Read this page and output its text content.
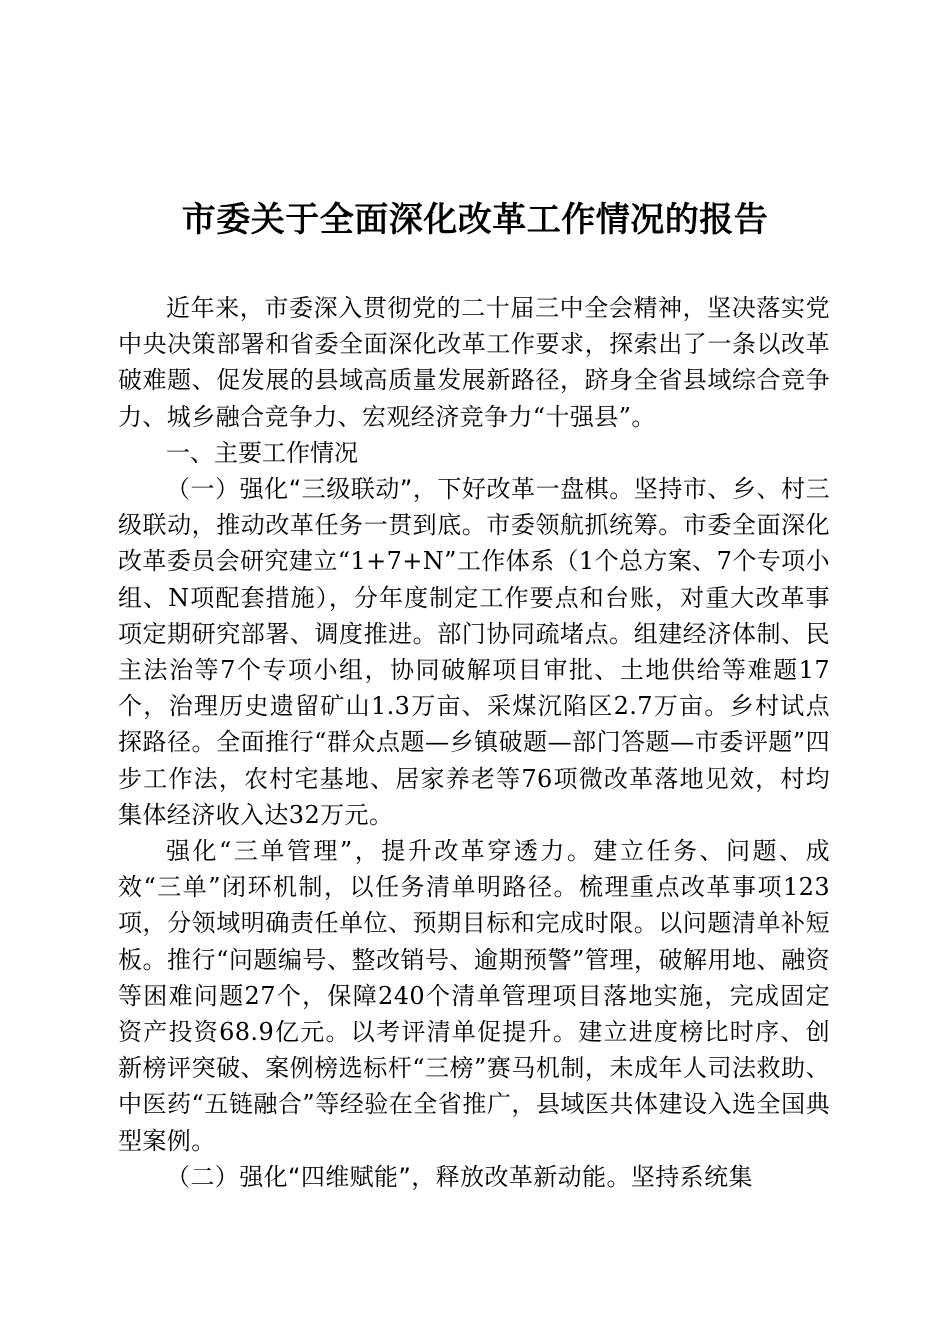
市委关于全面深化改革工作情况的报告

近年来，市委深入贯彻党的二十届三中全会精神，坚决落实党中央决策部署和省委全面深化改革工作要求，探索出了一条以改革破难题、促发展的县域高质量发展新路径，跻身全省县域综合竞争力、城乡融合竞争力、宏观经济竞争力“十强县”。

一、主要工作情况

（一）强化“三级联动”，下好改革一盘棋。坚持市、乡、村三级联动，推动改革任务一贯到底。市委领航抓统筹。市委全面深化改革委员会研究建立“1+7+N”工作体系（1个总方案、7个专项小组、N项配套措施），分年度制定工作要点和台账，对重大改革事项定期研究部署、调度推进。部门协同疏堵点。组建经济体制、民主法治等7个专项小组，协同破解项目审批、土地供给等难题17个，治理历史遗留矿山1.3万亩、采煤沉陷区2.7万亩。乡村试点探路径。全面推行“群众点题—乡镇破题—部门答题—市委评题”四步工作法，农村宅基地、居家养老等76项微改革落地见效，村均集体经济收入达32万元。

强化“三单管理”，提升改革穿透力。建立任务、问题、成效“三单”闭环机制，以任务清单明路径。梳理重点改革事项123项，分领域明确责任单位、预期目标和完成时限。以问题清单补短板。推行“问题编号、整改销号、逾期预警”管理，破解用地、融资等困难问题27个，保障240个清单管理项目落地实施，完成固定资产投资68.9亿元。以考评清单促提升。建立进度榜比时序、创新榜评突破、案例榜选标杆“三榜”赛马机制，未成年人司法救助、中医药“五链融合”等经验在全省推广，县域医共体建设入选全国典型案例。

（二）强化“四维赋能”，释放改革新动能。坚持系统集
